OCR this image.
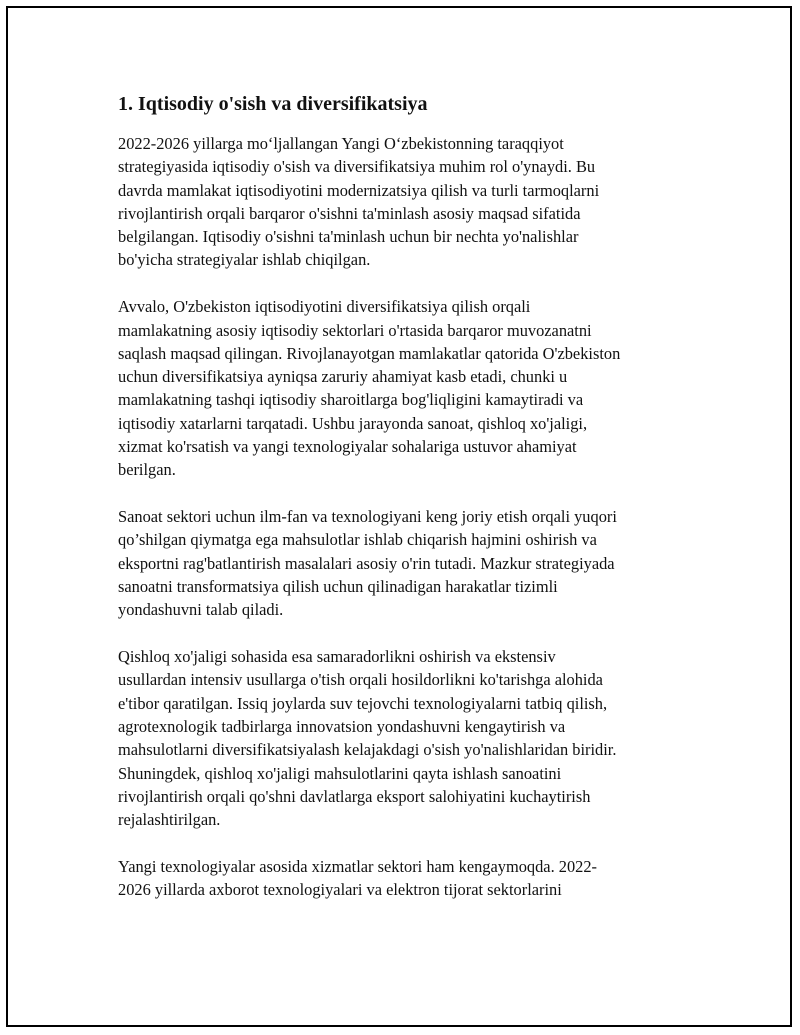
1. Iqtisodiy o'sish va diversifikatsiya

2022-2026 yillarga mo‘ljallangan Yangi O‘zbekistonning taraqqiyot
strategiyasida iqtisodiy o'sish va diversifikatsiya muhim rol o'ynaydi. Bu
davrda mamlakat iqtisodiyotini modernizatsiya qilish va turli tarmoqlarni
rivojlantirish orqali barqaror o'sishni ta'minlash asosiy maqsad sifatida
belgilangan. Iqtisodiy o'sishni ta'minlash uchun bir nechta yo'nalishlar
bo'yicha strategiyalar ishlab chiqilgan.

Avvalo, O'zbekiston iqtisodiyotini diversifikatsiya qilish orqali
mamlakatning asosiy iqtisodiy sektorlari o'rtasida barqaror muvozanatni
saqlash maqsad qilingan. Rivojlanayotgan mamlakatlar qatorida O'zbekiston
uchun diversifikatsiya ayniqsa zaruriy ahamiyat kasb etadi, chunki u
mamlakatning tashqi iqtisodiy sharoitlarga bog'liqligini kamaytiradi va
iqtisodiy xatarlarni tarqatadi. Ushbu jarayonda sanoat, qishloq xo'jaligi,
xizmat ko'rsatish va yangi texnologiyalar sohalariga ustuvor ahamiyat
berilgan.

Sanoat sektori uchun ilm-fan va texnologiyani keng joriy etish orqali yuqori
qo’shilgan qiymatga ega mahsulotlar ishlab chiqarish hajmini oshirish va
eksportni rag'batlantirish masalalari asosiy o'rin tutadi. Mazkur strategiyada
sanoatni transformatsiya qilish uchun qilinadigan harakatlar tizimli
yondashuvni talab qiladi.

Qishloq xo'jaligi sohasida esa samaradorlikni oshirish va ekstensiv
usullardan intensiv usullarga o'tish orqali hosildorlikni ko'tarishga alohida
e'tibor qaratilgan. Issiq joylarda suv tejovchi texnologiyalarni tatbiq qilish,
agrotexnologik tadbirlarga innovatsion yondashuvni kengaytirish va
mahsulotlarni diversifikatsiyalash kelajakdagi o'sish yo'nalishlaridan biridir.
Shuningdek, qishloq xo'jaligi mahsulotlarini qayta ishlash sanoatini
rivojlantirish orqali qo'shni davlatlarga eksport salohiyatini kuchaytirish
rejalashtirilgan.

Yangi texnologiyalar asosida xizmatlar sektori ham kengaymoqda. 2022-
2026 yillarda axborot texnologiyalari va elektron tijorat sektorlarini
